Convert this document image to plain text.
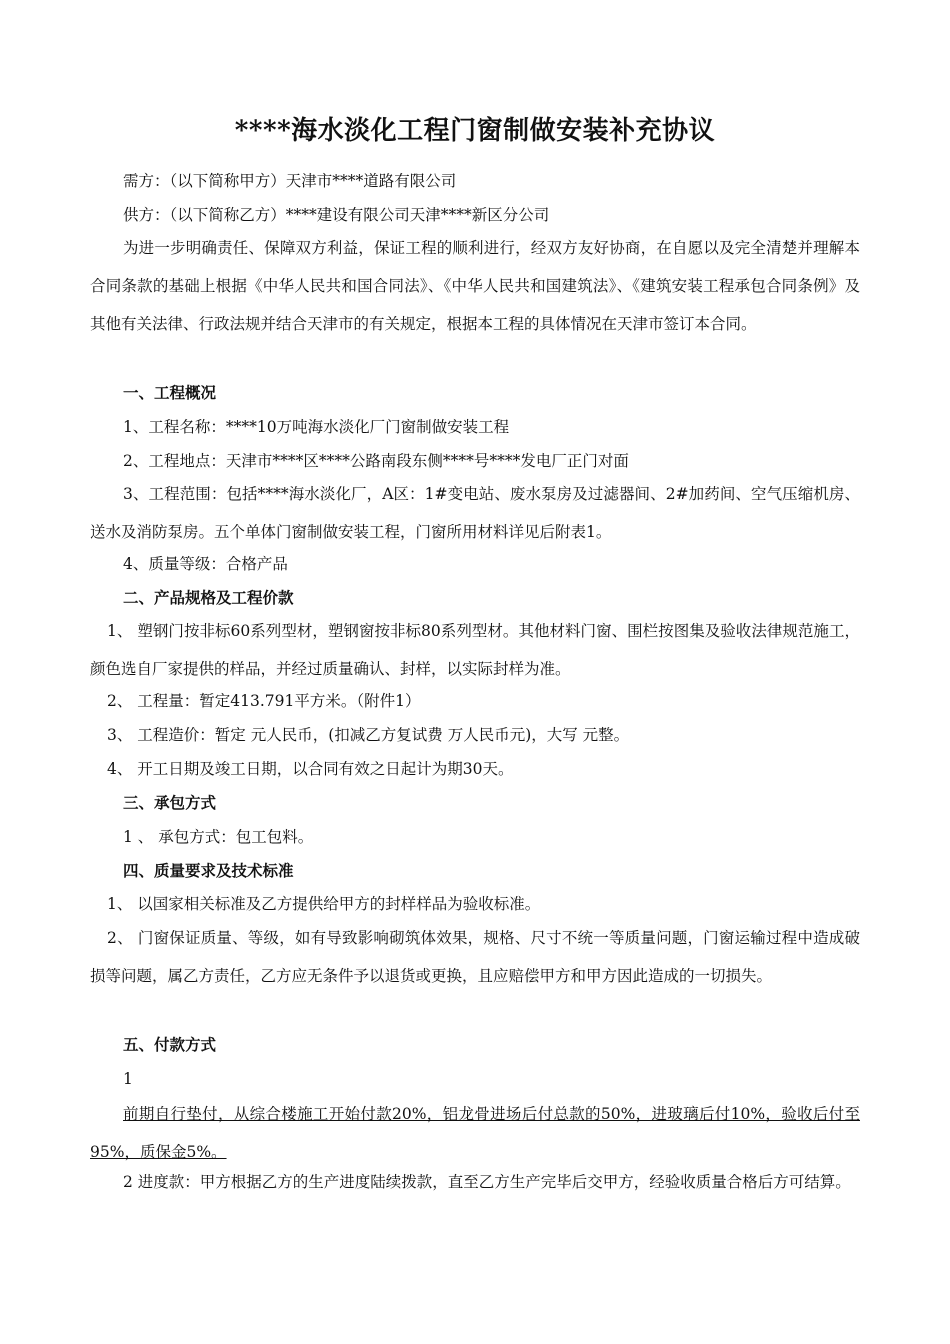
****海水淡化工程门窗制做安装补充协议
需方：（以下简称甲方）天津市****道路有限公司
供方：（以下简称乙方）****建设有限公司天津****新区分公司
为进一步明确责任、保障双方利益，保证工程的顺利进行，经双方友好协商，在自愿以及完全清楚并理解本合同条款的基础上根据《中华人民共和国合同法》、《中华人民共和国建筑法》、《建筑安装工程承包合同条例》及其他有关法律、行政法规并结合天津市的有关规定，根据本工程的具体情况在天津市签订本合同。
一、工程概况
1、工程名称：****10万吨海水淡化厂门窗制做安装工程
2、工程地点：天津市****区****公路南段东侧****号****发电厂正门对面
3、工程范围：包括****海水淡化厂，A区：1#变电站、废水泵房及过滤器间、2#加药间、空气压缩机房、送水及消防泵房。五个单体门窗制做安装工程，门窗所用材料详见后附表1。
4、质量等级：合格产品
二、产品规格及工程价款
1、 塑钢门按非标60系列型材，塑钢窗按非标80系列型材。其他材料门窗、围栏按图集及验收法律规范施工，颜色选自厂家提供的样品，并经过质量确认、封样，以实际封样为准。
2、 工程量：暂定413.791平方米。（附件1）
3、 工程造价：暂定 元人民币，(扣减乙方复试费 万人民币元)，大写 元整。
4、 开工日期及竣工日期，以合同有效之日起计为期30天。
三、承包方式
1 、 承包方式：包工包料。
四、质量要求及技术标准
1、 以国家相关标准及乙方提供给甲方的封样样品为验收标准。
2、 门窗保证质量、等级，如有导致影响砌筑体效果，规格、尺寸不统一等质量问题，门窗运输过程中造成破损等问题，属乙方责任，乙方应无条件予以退货或更换，且应赔偿甲方和甲方因此造成的一切损失。
五、付款方式
1
前期自行垫付，从综合楼施工开始付款20%，铝龙骨进场后付总款的50%，进玻璃后付10%，验收后付至95%，质保金5%。
2 进度款：甲方根据乙方的生产进度陆续拨款，直至乙方生产完毕后交甲方，经验收质量合格后方可结算。
